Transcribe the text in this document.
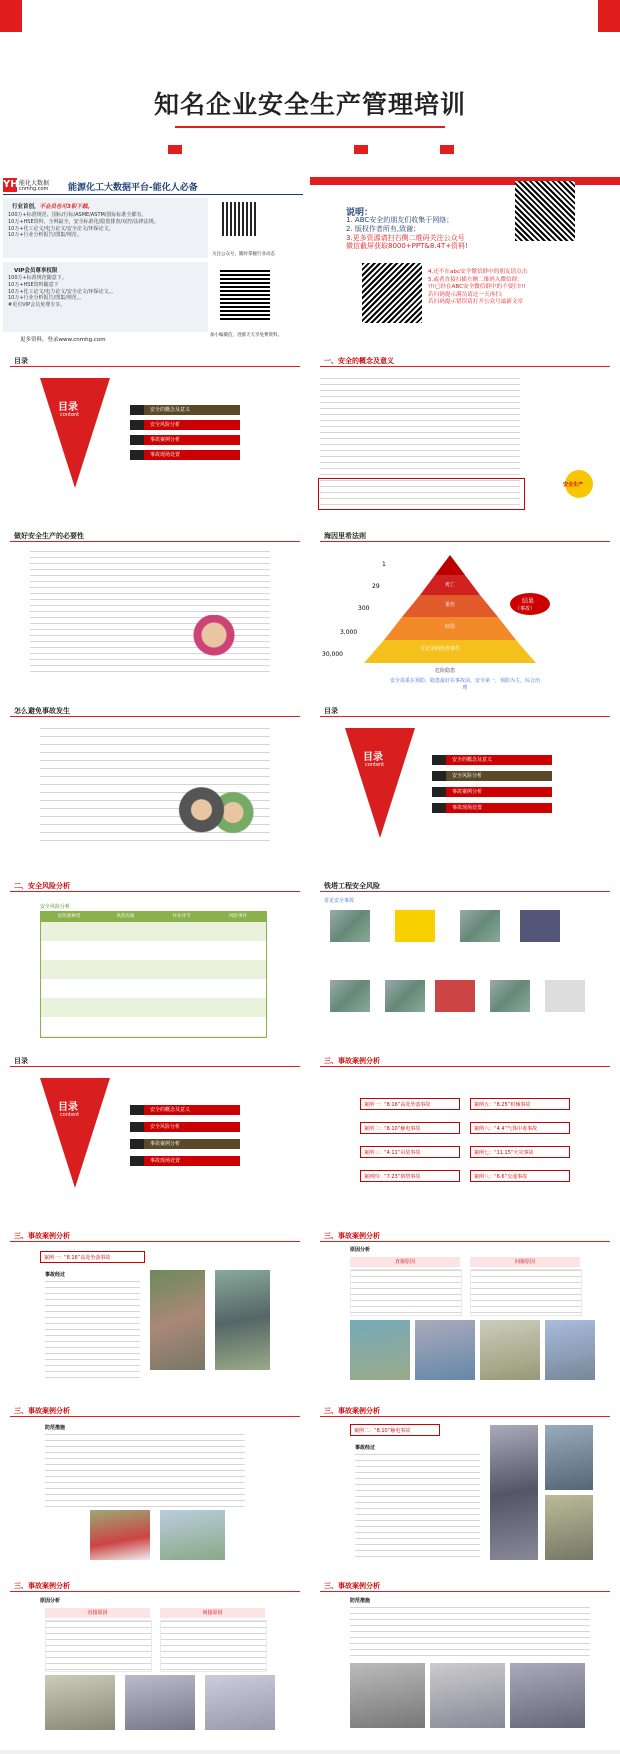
知名企业安全生产管理培训
YH 能化大数据
cnmhg.com 能源化工大数据平台-能化人必备
行业首创，不会员也可3积下载。
100万+标准规范、国标/行标/ASME/ASTM/国际标准全都有。
10万+HSE资料，全网最全，安全标准化/隐患排查/双控/法律法规。
10万+化工论文/电力论文/安全论文/环保论文。
10万+行业分析报告/图集/规范。
VIP会员尊享权限
100万+标准规范随意下。
10万+HSE资料随意下
10万+化工论文/电力论文/安全论文/环保论文。。
10万+行业分析报告/图集/规范。。
#更有VIP会员免费专享。
更多资料，登录www.cnmhg.com
关注公众号，随时掌握行业动态
加小编微信，进群天天享免费资料。
说明：
1. ABC安全的朋友们收集于网络；
2. 版权作者所有,致谢；
3.更多资源请扫右侧二维码关注公众号
微信截屏获取8000+PPT&8.4T+资料!
4.还不在abc安全微信群中的朋友请点击
5.或者直接扫描左侧二维码入微信群;
!!!已经在ABC安全微信群中的不要扫!!!
若扫码提示满员请过一天再扫;
若扫码提示错误请打开公众号最新文章
目录
目录
content
安全的概念及意义
安全风险分析
事故案例分析
事故现场处置
一、安全的概念及意义
安全生产
做好安全生产的必要性	海因里希法则
1
29
300
3,000
30,000
死亡
重伤
轻伤
可记录的伤害事件
危险隐患
结果
（事故）
安全需重在预防，隐患最好在事故前，安全第一，预防为主，综合治理
怎么避免事故发生	目录
目录
content
安全的概念及意义
安全风险分析
事故案例分析
事故现场处置
二、安全风险分析
安全风险分析
危险源种类	风险因素	作业环节	风险事件
铁塔工程安全风险
常见安全事故
目录
目录
content
安全的概念及意义
安全风险分析
事故案例分析
事故现场处置
三、事故案例分析
案例一：“8.16”高处坠落事故
案例二：“8.10”触电事故
案例三：“4.11”吊装事故
案例四：“7.23”倒塔事故
案例五：“8.25”机械事故
案例六：“4.4”气体中毒事故
案例七：“11.15”火灾事故
案例八：“6.6”交通事故
三、事故案例分析
案例一：“8.16”高处坠落事故
事故经过
三、事故案例分析
原因分析
直接原因	间接原因
三、事故案例分析
防范措施
三、事故案例分析
案例二：“8.10”触电事故
事故经过
三、事故案例分析
原因分析
直接原因	间接原因
三、事故案例分析
防范措施
